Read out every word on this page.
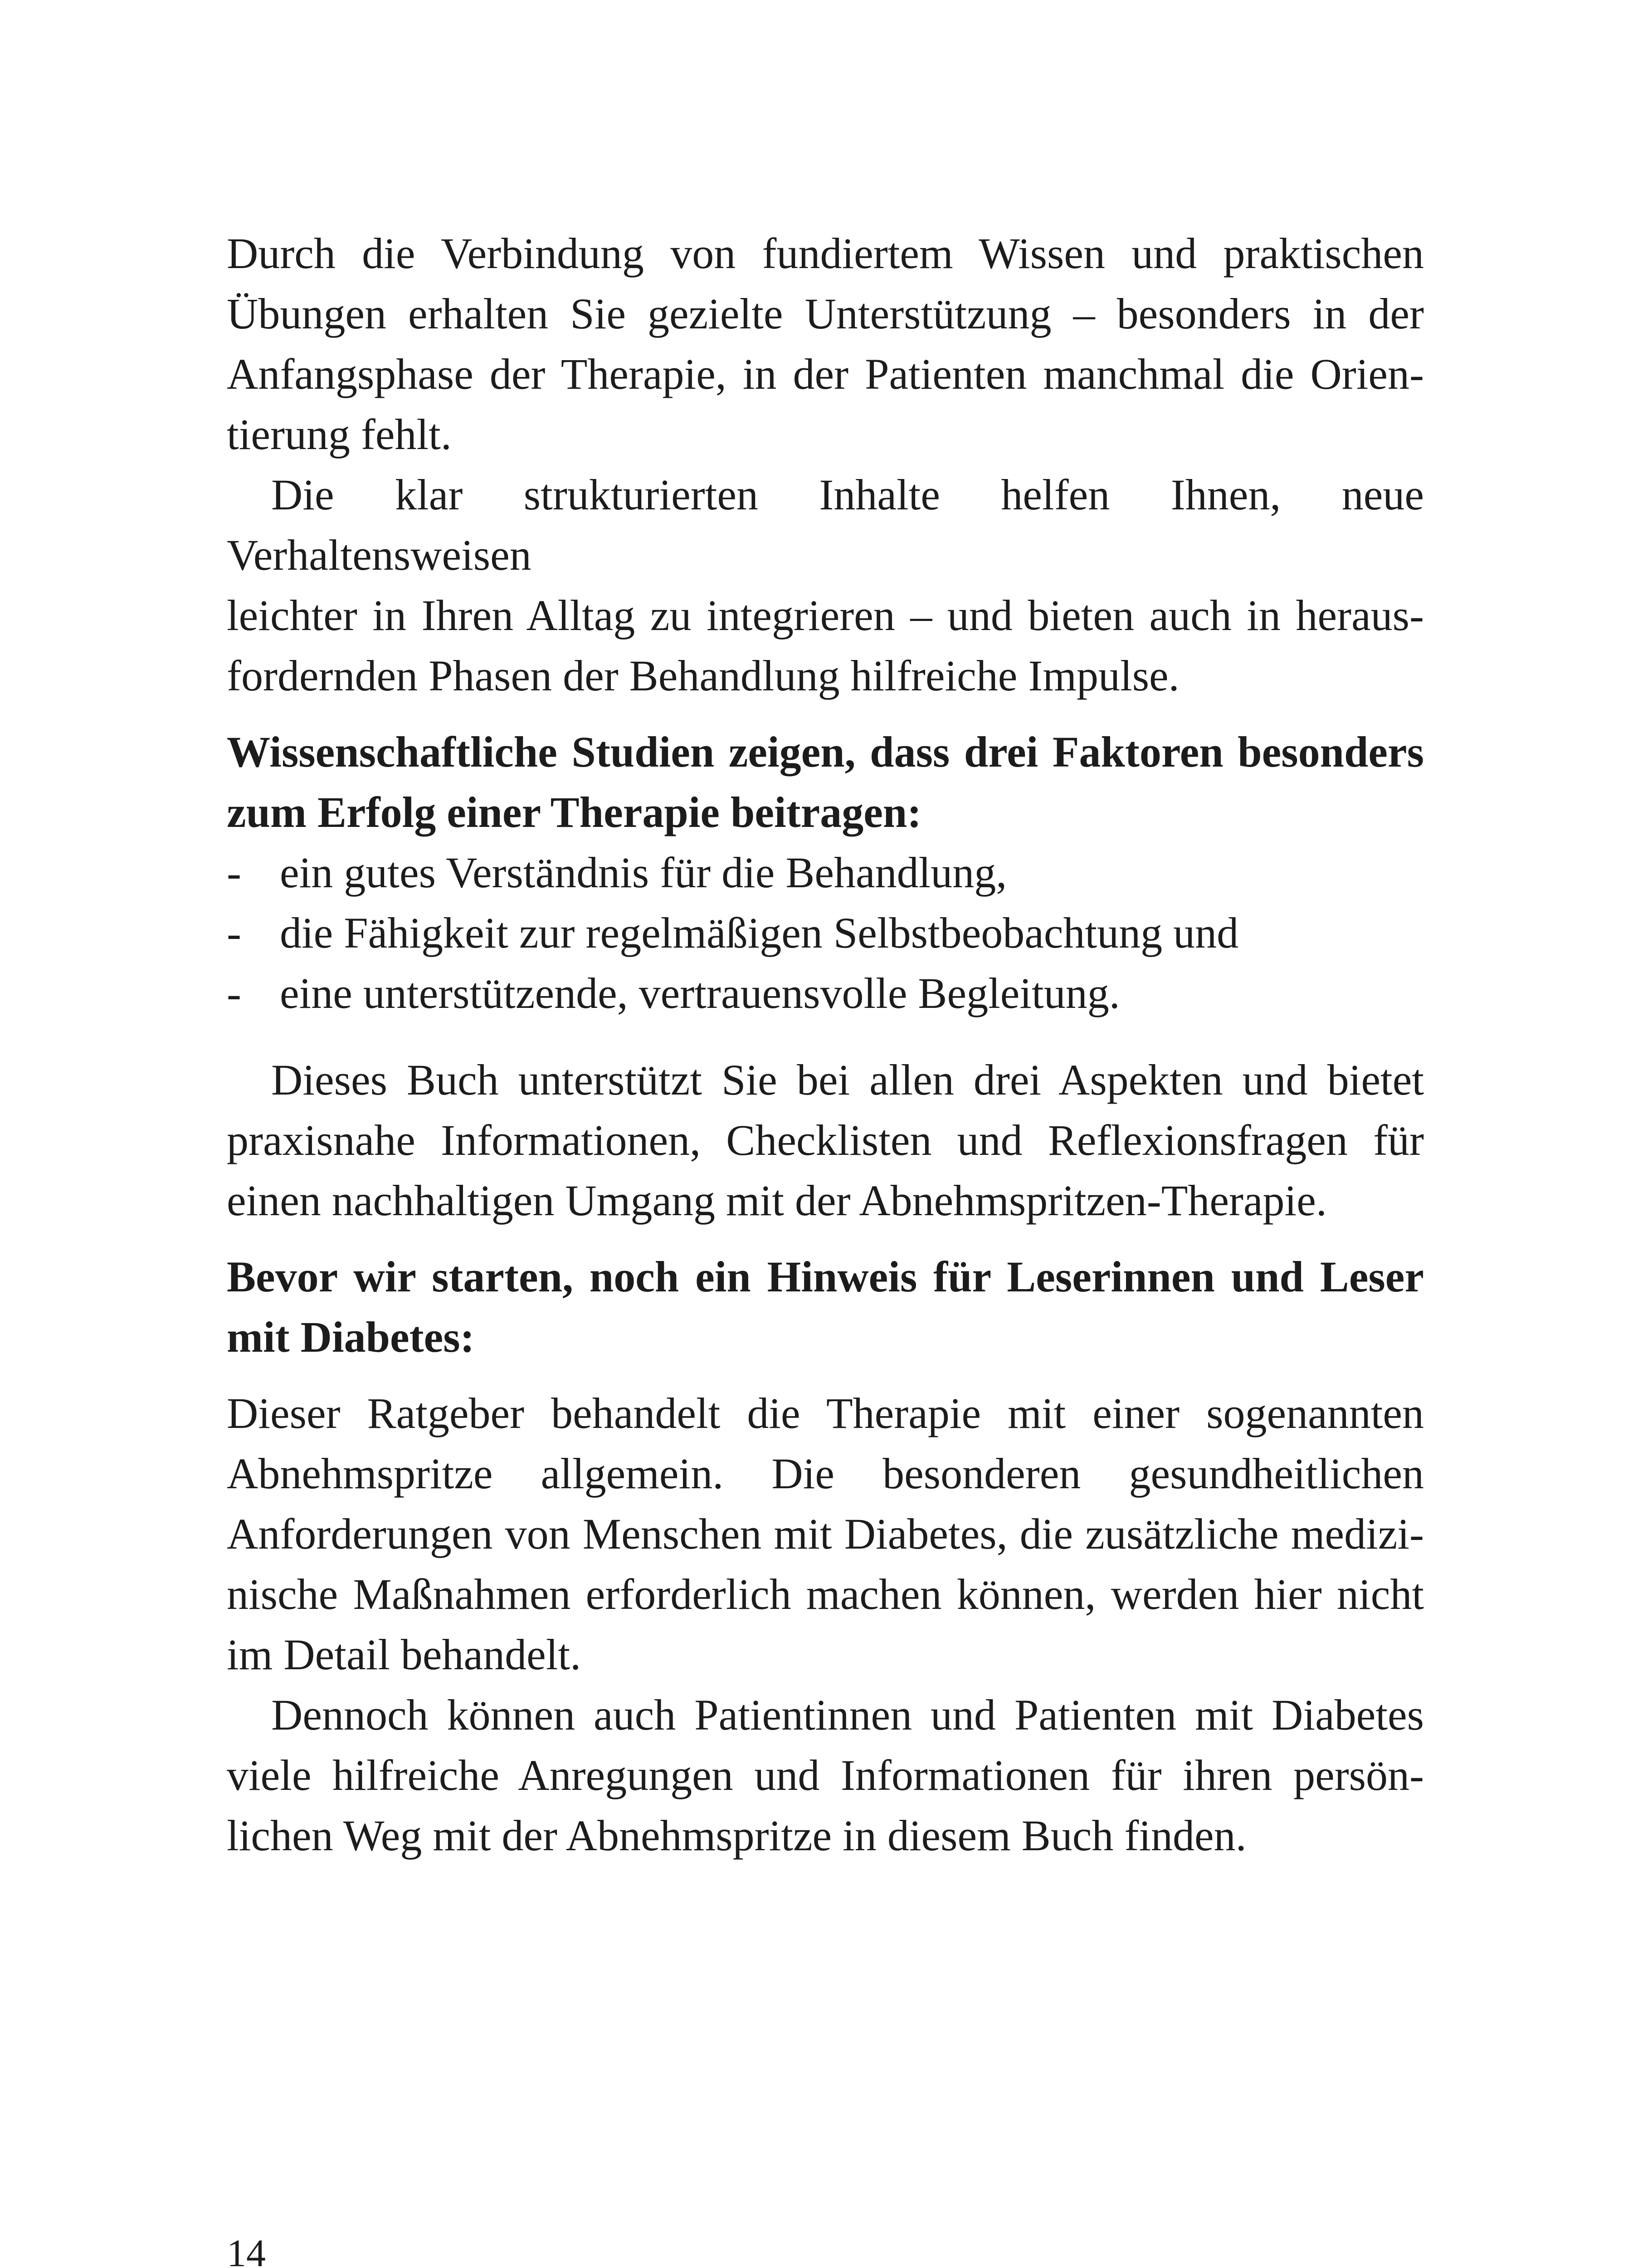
Durch die Verbindung von fundiertem Wissen und praktischen
Übungen erhalten Sie gezielte Unterstützung – besonders in der
Anfangsphase der Therapie, in der Patienten manchmal die Orien-
tierung fehlt.

Die klar strukturierten Inhalte helfen Ihnen, neue Verhaltensweisen
leichter in Ihren Alltag zu integrieren – und bieten auch in heraus-
fordernden Phasen der Behandlung hilfreiche Impulse.

Wissenschaftliche Studien zeigen, dass drei Faktoren besonders
zum Erfolg einer Therapie beitragen:

- ein gutes Verständnis für die Behandlung,
- die Fähigkeit zur regelmäßigen Selbstbeobachtung und
- eine unterstützende, vertrauensvolle Begleitung.

Dieses Buch unterstützt Sie bei allen drei Aspekten und bietet
praxisnahe Informationen, Checklisten und Reflexionsfragen für
einen nachhaltigen Umgang mit der Abnehmspritzen-Therapie.

Bevor wir starten, noch ein Hinweis für Leserinnen und Leser
mit Diabetes:

Dieser Ratgeber behandelt die Therapie mit einer sogenannten
Abnehmspritze allgemein. Die besonderen gesundheitlichen
Anforderungen von Menschen mit Diabetes, die zusätzliche medizi-
nische Maßnahmen erforderlich machen können, werden hier nicht
im Detail behandelt.

Dennoch können auch Patientinnen und Patienten mit Diabetes
viele hilfreiche Anregungen und Informationen für ihren persön-
lichen Weg mit der Abnehmspritze in diesem Buch finden.

14
